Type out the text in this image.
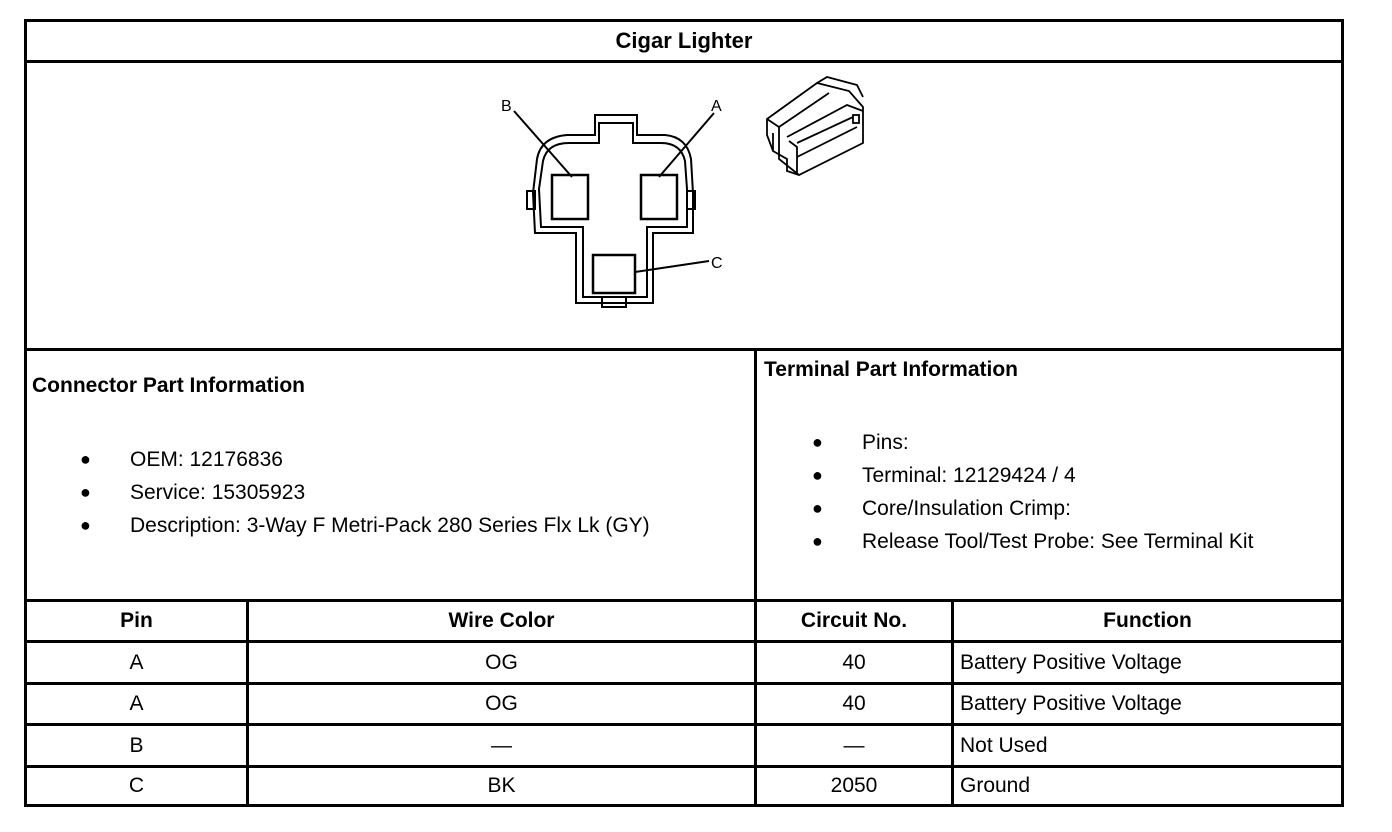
Cigar Lighter
B	A
C
Connector Part Information
● OEM: 12176836
● Service: 15305923
● Description: 3-Way F Metri-Pack 280 Series Flx Lk (GY)
Terminal Part Information
● Pins:
● Terminal: 12129424 / 4
● Core/Insulation Crimp:
● Release Tool/Test Probe: See Terminal Kit
Pin	Wire Color	Circuit No.	Function
A	OG	40	Battery Positive Voltage
A	OG	40	Battery Positive Voltage
B	—	—	Not Used
C	BK	2050	Ground
